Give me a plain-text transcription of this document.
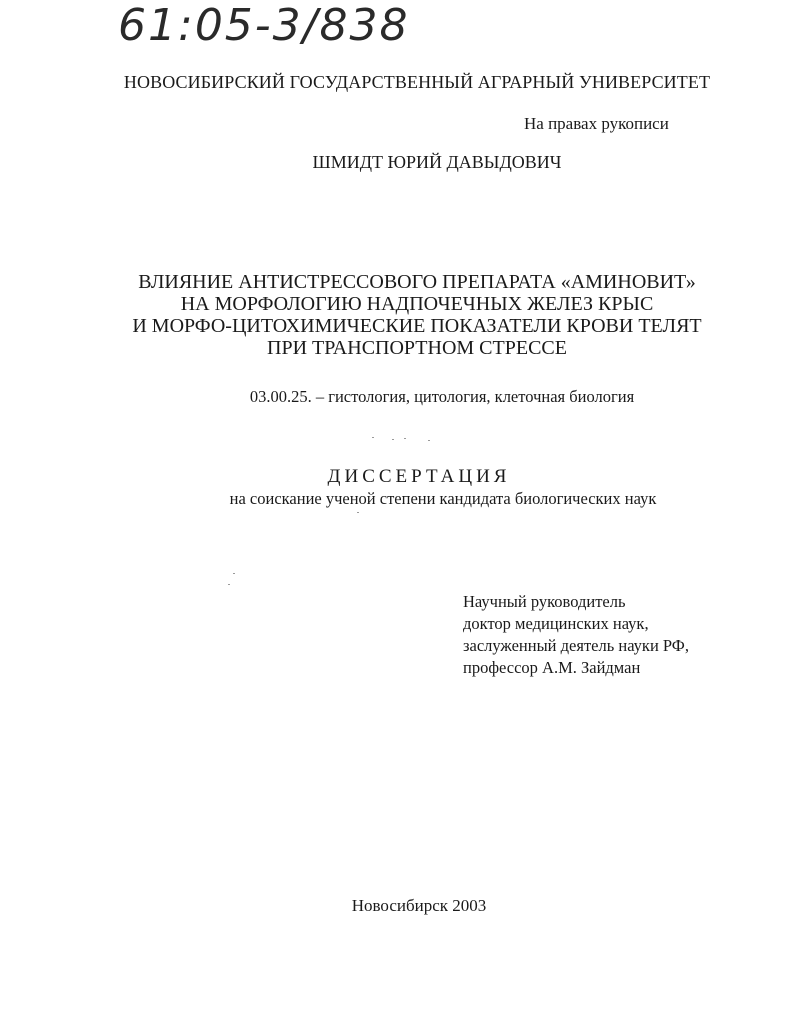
61:05-3/838
НОВОСИБИРСКИЙ ГОСУДАРСТВЕННЫЙ АГРАРНЫЙ УНИВЕРСИТЕТ
На правах рукописи
ШМИДТ ЮРИЙ ДАВЫДОВИЧ
ВЛИЯНИЕ АНТИСТРЕССОВОГО ПРЕПАРАТА «АМИНОВИТ»
НА МОРФОЛОГИЮ НАДПОЧЕЧНЫХ ЖЕЛЕЗ КРЫС
И МОРФО-ЦИТОХИМИЧЕСКИЕ ПОКАЗАТЕЛИ КРОВИ ТЕЛЯТ
ПРИ ТРАНСПОРТНОМ СТРЕССЕ
03.00.25. – гистология, цитология, клеточная биология
ДИССЕРТАЦИЯ
на соискание ученой степени кандидата биологических наук
Научный руководитель
доктор медицинских наук,
заслуженный деятель науки РФ,
профессор А.М. Зайдман
Новосибирск 2003
